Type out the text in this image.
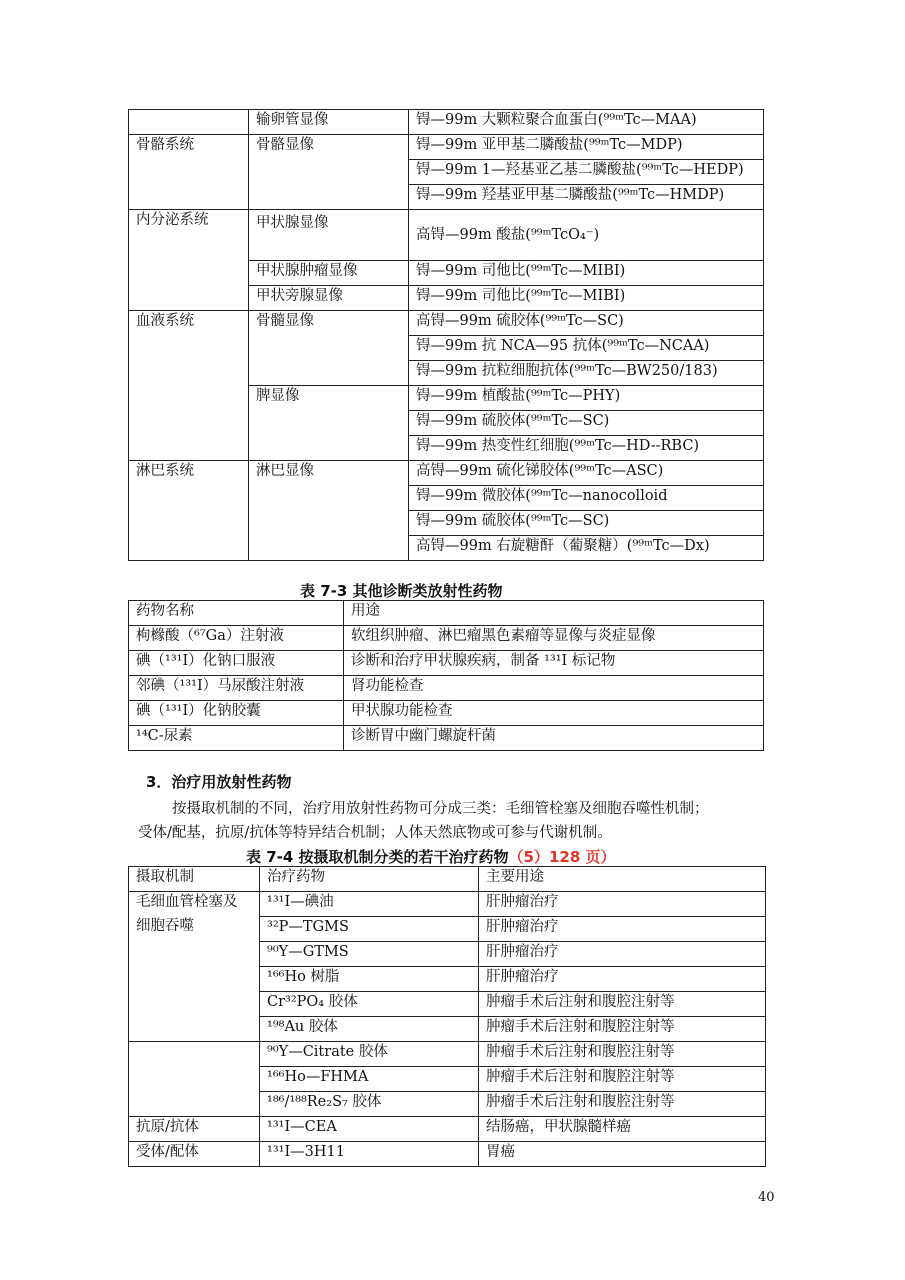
	输卵管显像	锝—99m 大颗粒聚合血蛋白(⁹⁹ᵐTc—MAA)
骨骼系统	骨骼显像	锝—99m 亚甲基二膦酸盐(⁹⁹ᵐTc—MDP)
		锝—99m 1—羟基亚乙基二膦酸盐(⁹⁹ᵐTc—HEDP)
		锝—99m 羟基亚甲基二膦酸盐(⁹⁹ᵐTc—HMDP)
内分泌系统	甲状腺显像	高锝—99m 酸盐(⁹⁹ᵐTcO₄⁻)
	甲状腺肿瘤显像	锝—99m 司他比(⁹⁹ᵐTc—MIBI)
	甲状旁腺显像	锝—99m 司他比(⁹⁹ᵐTc—MIBI)
血液系统	骨髓显像	高锝—99m 硫胶体(⁹⁹ᵐTc—SC)
		锝—99m 抗 NCA—95 抗体(⁹⁹ᵐTc—NCAA)
		锝—99m 抗粒细胞抗体(⁹⁹ᵐTc—BW250/183)
	脾显像	锝—99m 植酸盐(⁹⁹ᵐTc—PHY)
		锝—99m 硫胶体(⁹⁹ᵐTc—SC)
		锝—99m 热变性红细胞(⁹⁹ᵐTc—HD--RBC)
淋巴系统	淋巴显像	高锝—99m 硫化锑胶体(⁹⁹ᵐTc—ASC)
		锝—99m 微胶体(⁹⁹ᵐTc—nanocolloid
		锝—99m 硫胶体(⁹⁹ᵐTc—SC)
		高锝—99m 右旋糖酐（葡聚糖）(⁹⁹ᵐTc—Dx)
表 7-3 其他诊断类放射性药物
药物名称	用途
枸橼酸（⁶⁷Ga）注射液	软组织肿瘤、淋巴瘤黑色素瘤等显像与炎症显像
碘（¹³¹I）化钠口服液	诊断和治疗甲状腺疾病，制备 ¹³¹I 标记物
邻碘（¹³¹I）马尿酸注射液	肾功能检查
碘（¹³¹I）化钠胶囊	甲状腺功能检查
¹⁴C-尿素	诊断胃中幽门螺旋杆菌
3．治疗用放射性药物
按摄取机制的不同，治疗用放射性药物可分成三类：毛细管栓塞及细胞吞噬性机制；
受体/配基，抗原/抗体等特异结合机制；人体天然底物或可参与代谢机制。
表 7-4 按摄取机制分类的若干治疗药物（5）128 页）
摄取机制	治疗药物	主要用途

毛细血管栓塞及
细胞吞噬	¹³¹I—碘油	肝肿瘤治疗
	³²P—TGMS	肝肿瘤治疗
	⁹⁰Y—GTMS	肝肿瘤治疗
	¹⁶⁶Ho 树脂	肝肿瘤治疗
	Cr³²PO₄ 胶体	肿瘤手术后注射和腹腔注射等
	¹⁹⁸Au 胶体	肿瘤手术后注射和腹腔注射等
	⁹⁰Y—Citrate 胶体	肿瘤手术后注射和腹腔注射等
	¹⁶⁶Ho—FHMA	肿瘤手术后注射和腹腔注射等
	¹⁸⁶/¹⁸⁸Re₂S₇ 胶体	肿瘤手术后注射和腹腔注射等
抗原/抗体	¹³¹I—CEA	结肠癌，甲状腺髓样癌
受体/配体	¹³¹I—3H11	胃癌
40
